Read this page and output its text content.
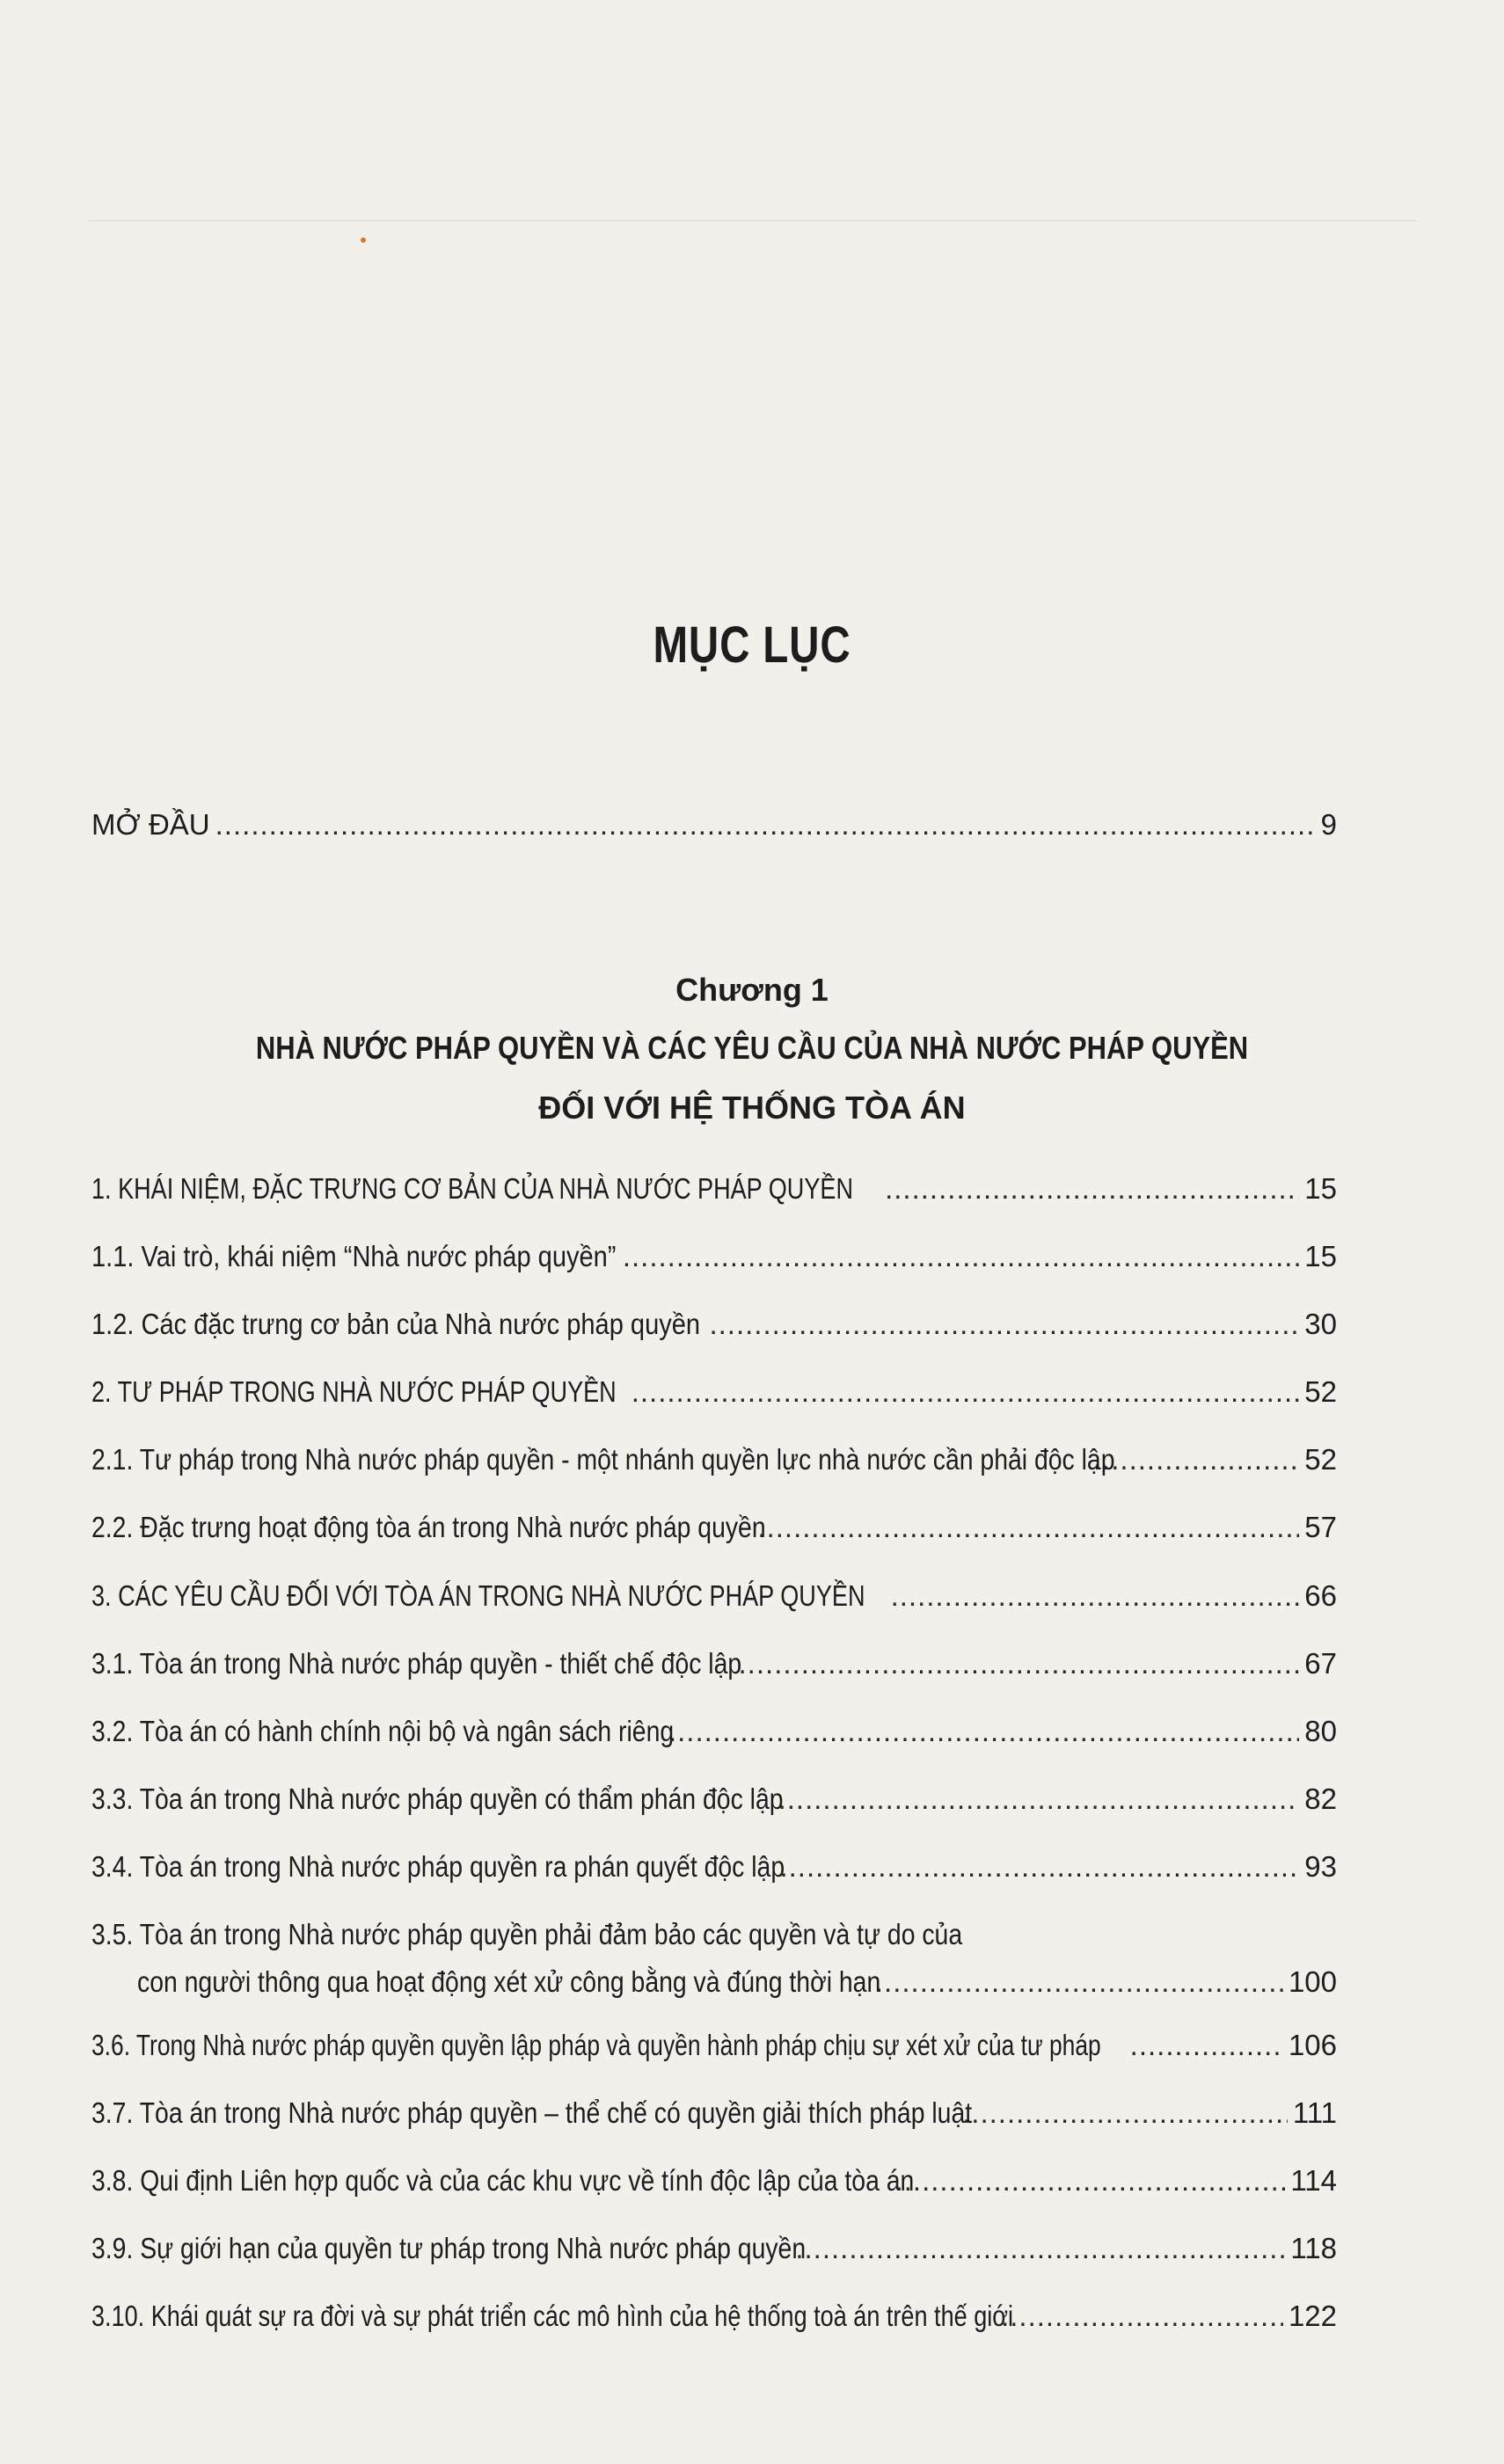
MỤC LỤC
MỞ ĐẦU .....	9
Chương 1
NHÀ NƯỚC PHÁP QUYỀN VÀ CÁC YÊU CẦU CỦA NHÀ NƯỚC PHÁP QUYỀN
ĐỐI VỚI HỆ THỐNG TÒA ÁN
1. KHÁI NIỆM, ĐẶC TRƯNG CƠ BẢN CỦA NHÀ NƯỚC PHÁP QUYỀN .....	15
1.1. Vai trò, khái niệm “Nhà nước pháp quyền” .....	15
1.2. Các đặc trưng cơ bản của Nhà nước pháp quyền .....	30
2. TƯ PHÁP TRONG NHÀ NƯỚC PHÁP QUYỀN .....	52
2.1. Tư pháp trong Nhà nước pháp quyền - một nhánh quyền lực nhà nước cần phải độc lập .....	52
2.2. Đặc trưng hoạt động tòa án trong Nhà nước pháp quyền .....	57
3. CÁC YÊU CẦU ĐỐI VỚI TÒA ÁN TRONG NHÀ NƯỚC PHÁP QUYỀN .....	66
3.1. Tòa án trong Nhà nước pháp quyền - thiết chế độc lập .....	67
3.2. Tòa án có hành chính nội bộ và ngân sách riêng .....	80
3.3. Tòa án trong Nhà nước pháp quyền có thẩm phán độc lập .....	82
3.4. Tòa án trong Nhà nước pháp quyền ra phán quyết độc lập .....	93
3.5. Tòa án trong Nhà nước pháp quyền phải đảm bảo các quyền và tự do của
con người thông qua hoạt động xét xử công bằng và đúng thời hạn .....	100
3.6. Trong Nhà nước pháp quyền quyền lập pháp và quyền hành pháp chịu sự xét xử của tư pháp .....	106
3.7. Tòa án trong Nhà nước pháp quyền – thể chế có quyền giải thích pháp luật .....	111
3.8. Qui định Liên hợp quốc và của các khu vực về tính độc lập của tòa án .....	114
3.9. Sự giới hạn của quyền tư pháp trong Nhà nước pháp quyền .....	118
3.10. Khái quát sự ra đời và sự phát triển các mô hình của hệ thống toà án trên thế giới .....	122
